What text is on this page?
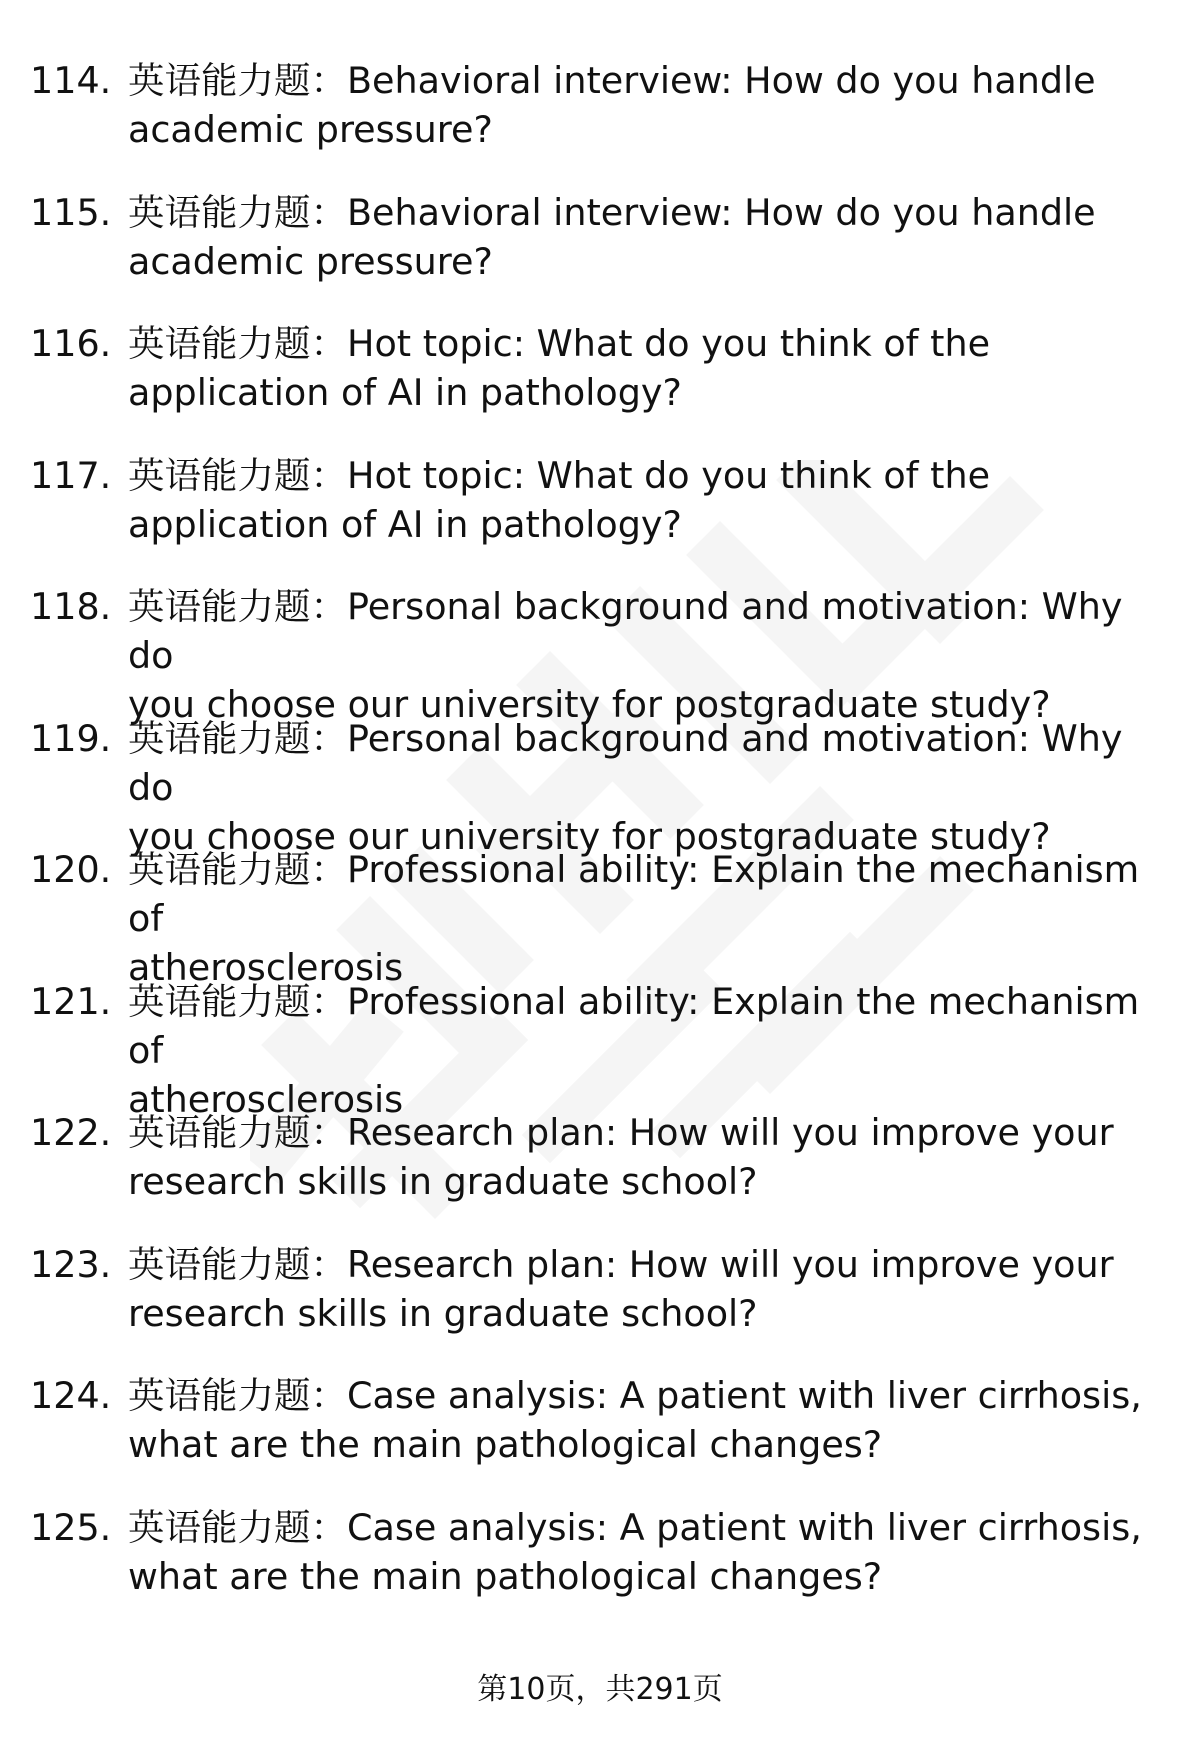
114. 英语能力题：Behavioral interview: How do you handle
academic pressure?
115. 英语能力题：Behavioral interview: How do you handle
academic pressure?
116. 英语能力题：Hot topic: What do you think of the
application of AI in pathology?
117. 英语能力题：Hot topic: What do you think of the
application of AI in pathology?
118. 英语能力题：Personal background and motivation: Why do
you choose our university for postgraduate study?
119. 英语能力题：Personal background and motivation: Why do
you choose our university for postgraduate study?
120. 英语能力题：Professional ability: Explain the mechanism of
atherosclerosis
121. 英语能力题：Professional ability: Explain the mechanism of
atherosclerosis
122. 英语能力题：Research plan: How will you improve your
research skills in graduate school?
123. 英语能力题：Research plan: How will you improve your
research skills in graduate school?
124. 英语能力题：Case analysis: A patient with liver cirrhosis,
what are the main pathological changes?
125. 英语能力题：Case analysis: A patient with liver cirrhosis,
what are the main pathological changes?
第10页，共291页
